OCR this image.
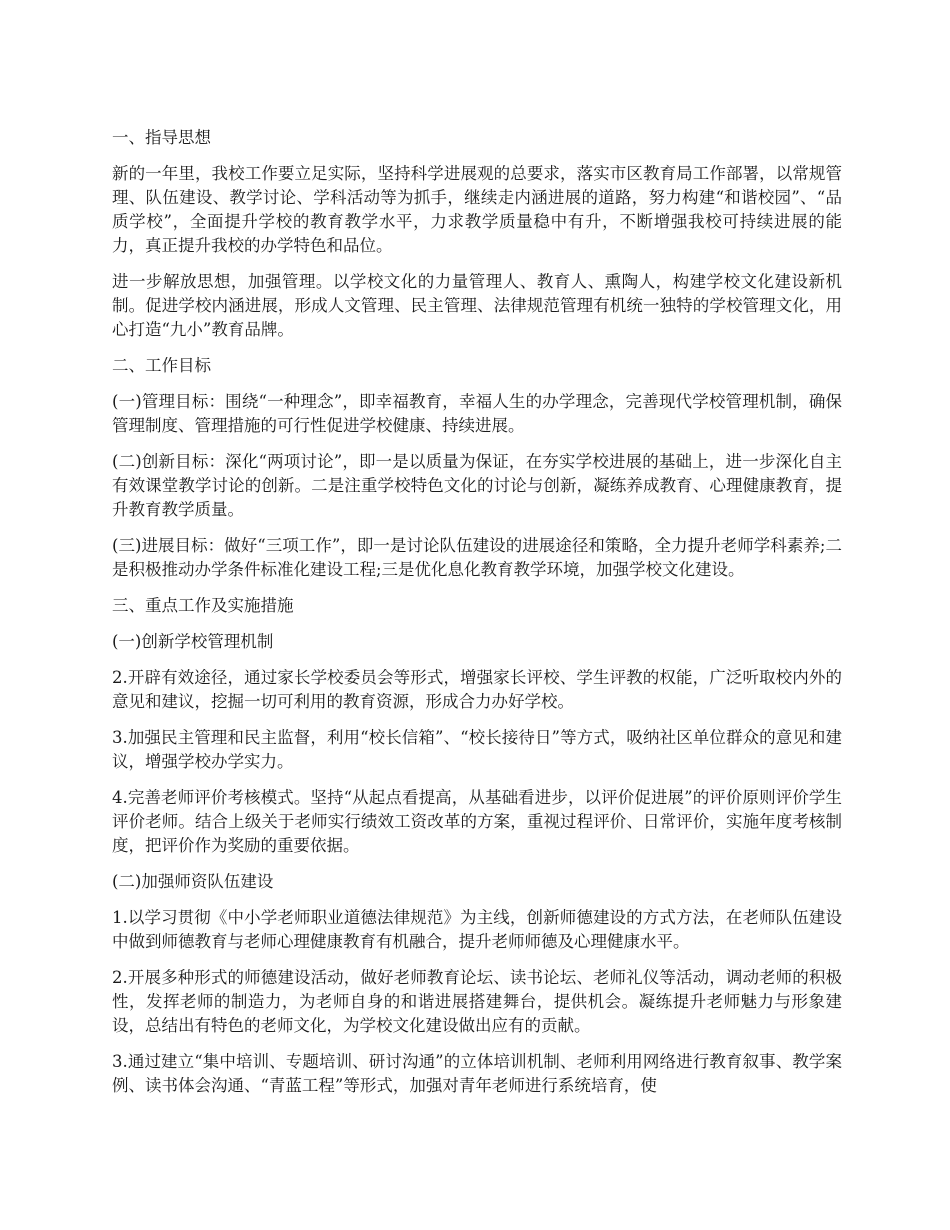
一、指导思想

新的一年里，我校工作要立足实际，坚持科学进展观的总要求，落实市区教育局工作部署，以常规管理、队伍建设、教学讨论、学科活动等为抓手，继续走内涵进展的道路，努力构建“和谐校园”、“品质学校”，全面提升学校的教育教学水平，力求教学质量稳中有升，不断增强我校可持续进展的能力，真正提升我校的办学特色和品位。

进一步解放思想，加强管理。以学校文化的力量管理人、教育人、熏陶人，构建学校文化建设新机制。促进学校内涵进展，形成人文管理、民主管理、法律规范管理有机统一独特的学校管理文化，用心打造“九小”教育品牌。

二、工作目标

(一)管理目标：围绕“一种理念”，即幸福教育，幸福人生的办学理念，完善现代学校管理机制，确保管理制度、管理措施的可行性促进学校健康、持续进展。

(二)创新目标：深化“两项讨论”，即一是以质量为保证，在夯实学校进展的基础上，进一步深化自主有效课堂教学讨论的创新。二是注重学校特色文化的讨论与创新，凝练养成教育、心理健康教育，提升教育教学质量。

(三)进展目标：做好“三项工作”，即一是讨论队伍建设的进展途径和策略，全力提升老师学科素养;二是积极推动办学条件标准化建设工程;三是优化息化教育教学环境，加强学校文化建设。

三、重点工作及实施措施

(一)创新学校管理机制

2.开辟有效途径，通过家长学校委员会等形式，增强家长评校、学生评教的权能，广泛听取校内外的意见和建议，挖掘一切可利用的教育资源，形成合力办好学校。

3.加强民主管理和民主监督，利用“校长信箱”、“校长接待日”等方式，吸纳社区单位群众的意见和建议，增强学校办学实力。

4.完善老师评价考核模式。坚持“从起点看提高，从基础看进步，以评价促进展”的评价原则评价学生评价老师。结合上级关于老师实行绩效工资改革的方案，重视过程评价、日常评价，实施年度考核制度，把评价作为奖励的重要依据。

(二)加强师资队伍建设

1.以学习贯彻《中小学老师职业道德法律规范》为主线，创新师德建设的方式方法，在老师队伍建设中做到师德教育与老师心理健康教育有机融合，提升老师师德及心理健康水平。

2.开展多种形式的师德建设活动，做好老师教育论坛、读书论坛、老师礼仪等活动，调动老师的积极性，发挥老师的制造力，为老师自身的和谐进展搭建舞台，提供机会。凝练提升老师魅力与形象建设，总结出有特色的老师文化，为学校文化建设做出应有的贡献。

3.通过建立“集中培训、专题培训、研讨沟通”的立体培训机制、老师利用网络进行教育叙事、教学案例、读书体会沟通、“青蓝工程”等形式，加强对青年老师进行系统培育，使
